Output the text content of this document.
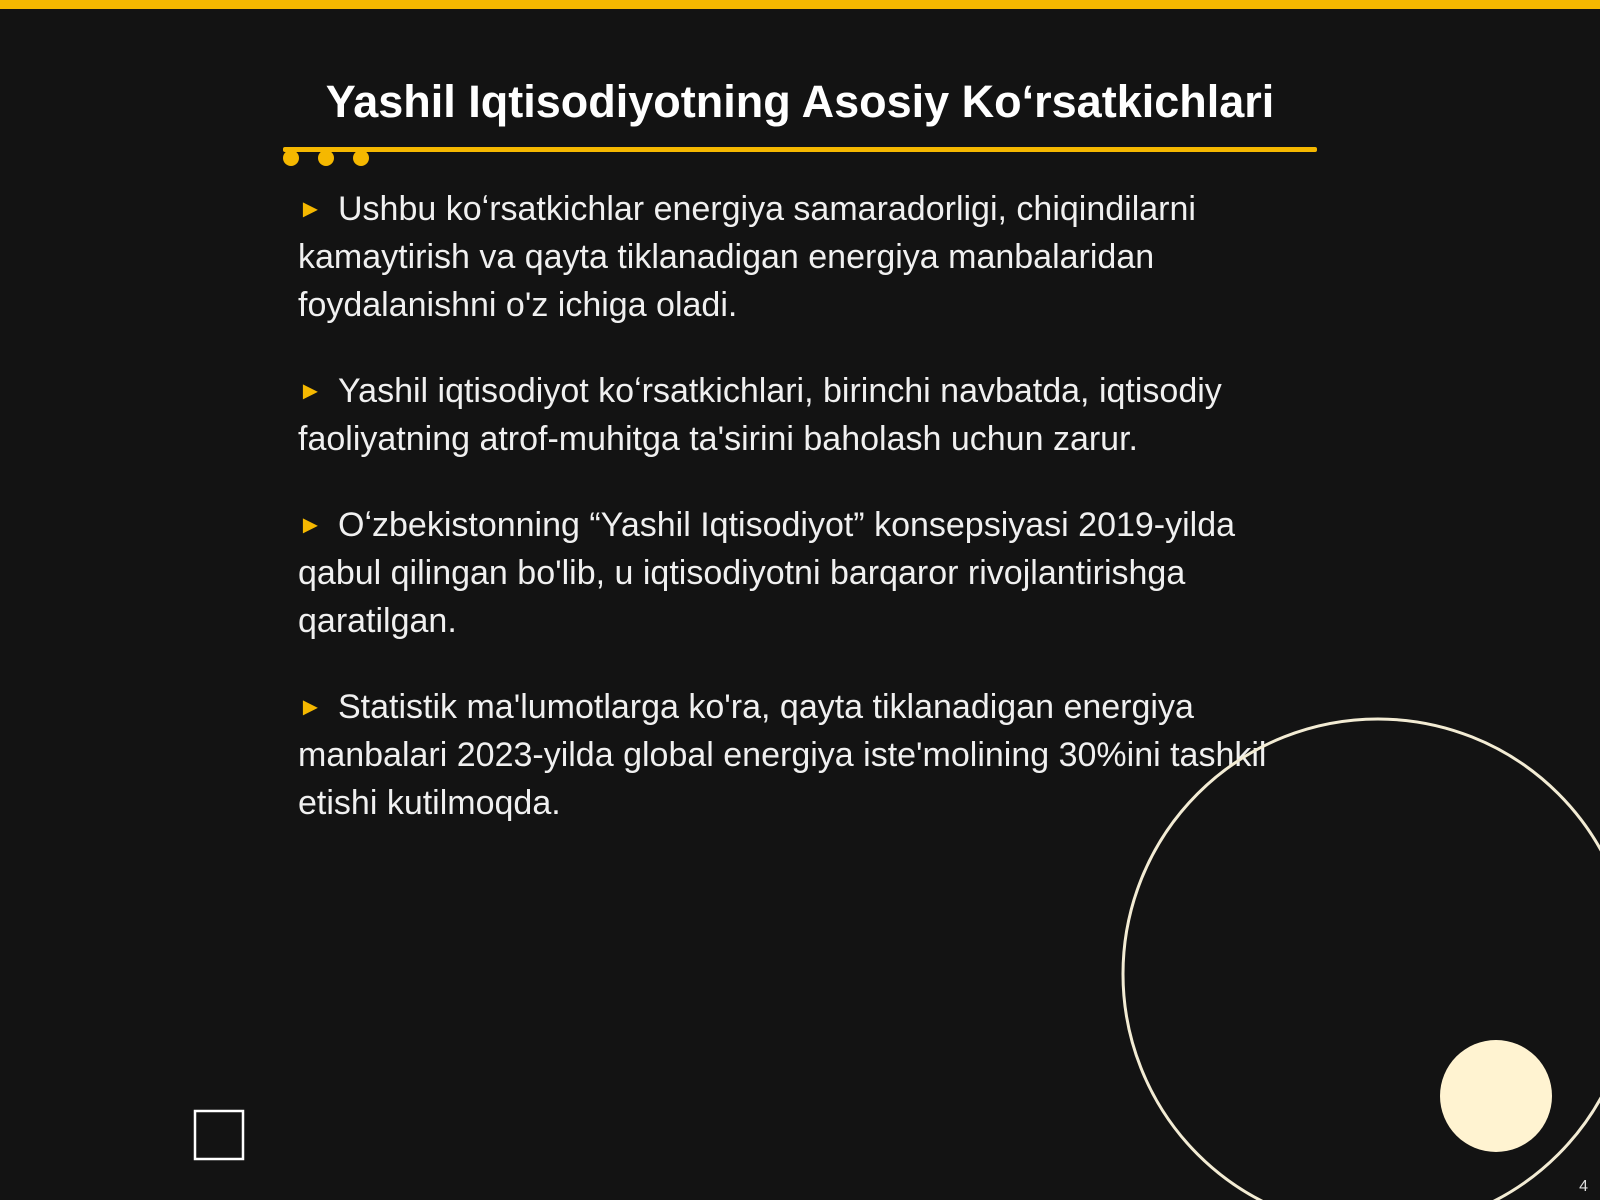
Yashil Iqtisodiyotning Asosiy Koʻrsatkichlari
► Ushbu koʻrsatkichlar energiya samaradorligi, chiqindilarni kamaytirish va qayta tiklanadigan energiya manbalaridan foydalanishni o'z ichiga oladi.
► Yashil iqtisodiyot koʻrsatkichlari, birinchi navbatda, iqtisodiy faoliyatning atrof-muhitga ta'sirini baholash uchun zarur.
► Oʻzbekistonning “Yashil Iqtisodiyot” konsepsiyasi 2019-yilda qabul qilingan bo'lib, u iqtisodiyotni barqaror rivojlantirishga qaratilgan.
► Statistik ma'lumotlarga ko'ra, qayta tiklanadigan energiya manbalari 2023-yilda global energiya iste'molining 30%ini tashkil etishi kutilmoqda.
4
